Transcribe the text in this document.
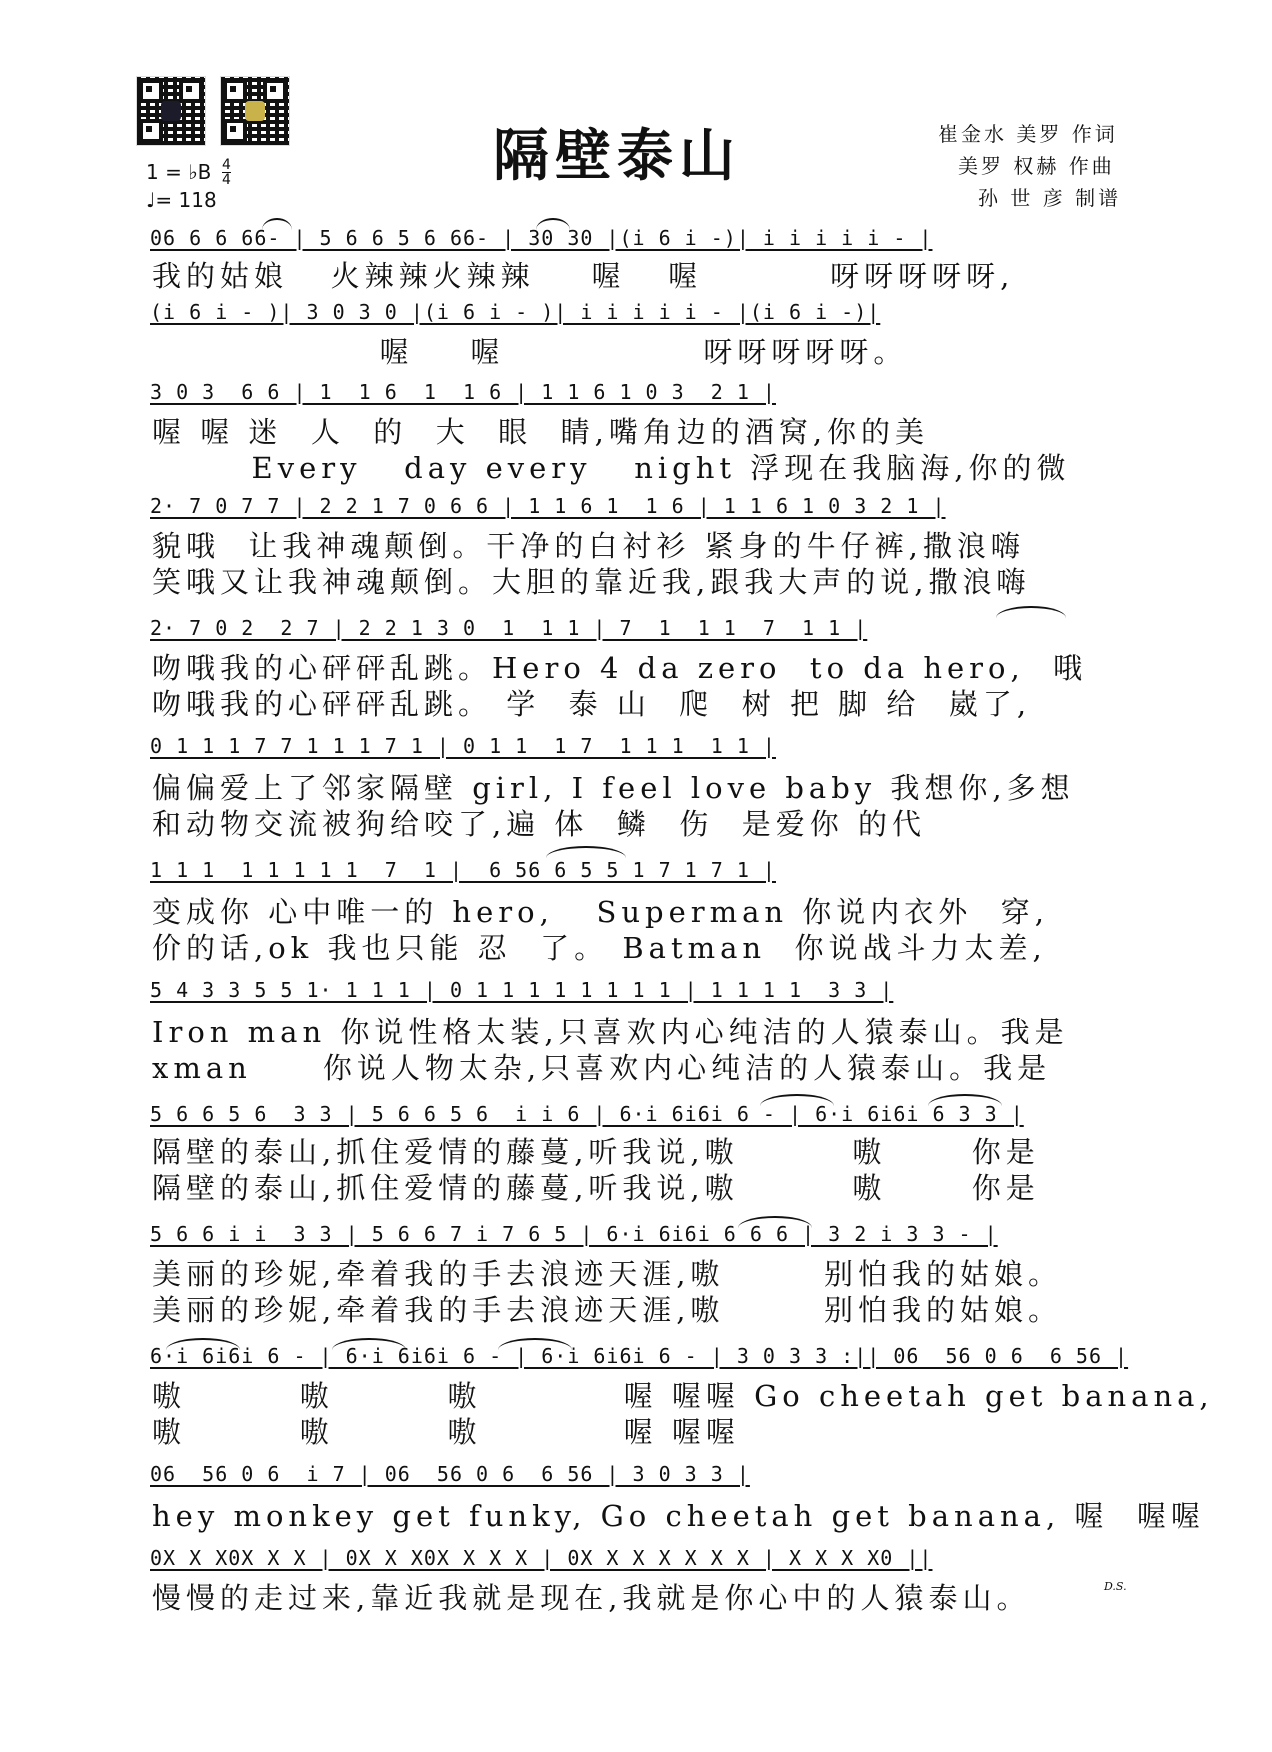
隔壁泰山	崔金水 美罗 作词
美罗 权赫 作曲
孙 世 彦 制谱
1 = ♭B $\frac{4}{4}$
♩= 118
06 6 6 66- | 5 6 6 5 6 66- | 30 30 |(i 6 i -)| i i i i i - |
我的姑娘   火辣辣火辣辣    喔   喔         呀呀呀呀呀,
(i 6 i - )| 3 0 3 0 |(i 6 i - )| i i i i i - |(i 6 i -)|
喔    喔              呀呀呀呀呀。
3 0 3  6 6 | 1  1 6  1  1 6 | 1 1 6 1 0 3  2 1 |
喔 喔 迷  人  的  大  眼  睛,嘴角边的酒窝,你的美
Every   day every   night 浮现在我脑海,你的微
2· 7 0 7 7 | 2 2 1 7 0 6 6 | 1 1 6 1  1 6 | 1 1 6 1 0 3 2 1 |
貌哦  让我神魂颠倒。干净的白衬衫 紧身的牛仔裤,撒浪嗨
笑哦又让我神魂颠倒。大胆的靠近我,跟我大声的说,撒浪嗨
2· 7 0 2  2 7 | 2 2 1 3 0  1  1 1 | 7  1  1 1  7  1 1 |
吻哦我的心砰砰乱跳。Hero 4 da zero  to da hero,  哦
吻哦我的心砰砰乱跳。 学  泰 山  爬  树 把 脚 给  崴了,
0 1 1 1 7 7 1 1 1 7 1 | 0 1 1  1 7  1 1 1  1 1 |
偏偏爱上了邻家隔壁 girl, I feel love baby 我想你,多想
和动物交流被狗给咬了,遍 体  鳞  伤  是爱你 的代
1 1 1  1 1 1 1 1  7  1 |  6 56 6 5 5 1 7 1 7 1 |
变成你 心中唯一的 hero,   Superman 你说内衣外  穿,
价的话,ok 我也只能 忍  了。 Batman  你说战斗力太差,
5 4 3 3 5 5 1· 1 1 1 | 0 1 1 1 1 1 1 1 1 | 1 1 1 1  3 3 |
Iron man 你说性格太装,只喜欢内心纯洁的人猿泰山。我是
xman     你说人物太杂,只喜欢内心纯洁的人猿泰山。我是
5 6 6 5 6  3 3 | 5 6 6 5 6  i i 6 | 6·i 6i6i 6 - | 6·i 6i6i 6 3 3 |
隔壁的泰山,抓住爱情的藤蔓,听我说,嗷        嗷      你是
隔壁的泰山,抓住爱情的藤蔓,听我说,嗷        嗷      你是
5 6 6 i i  3 3 | 5 6 6 7 i 7 6 5 | 6·i 6i6i 6 6 6 | 3 2 i 3 3 - |
美丽的珍妮,牵着我的手去浪迹天涯,嗷       别怕我的姑娘。
美丽的珍妮,牵着我的手去浪迹天涯,嗷       别怕我的姑娘。
6·i 6i6i 6 - | 6·i 6i6i 6 - | 6·i 6i6i 6 - | 3 0 3 3 :|| 06  56 0 6  6 56 |
嗷        嗷        嗷          喔 喔喔 Go cheetah get banana,
嗷        嗷        嗷          喔 喔喔
06  56 0 6  i 7 | 06  56 0 6  6 56 | 3 0 3 3 |
hey monkey get funky, Go cheetah get banana, 喔  喔喔
0X X X0X X X | 0X X X0X X X X | 0X X X X X X X | X X X X0 ||
慢慢的走过来,靠近我就是现在,我就是你心中的人猿泰山。	D.S.
